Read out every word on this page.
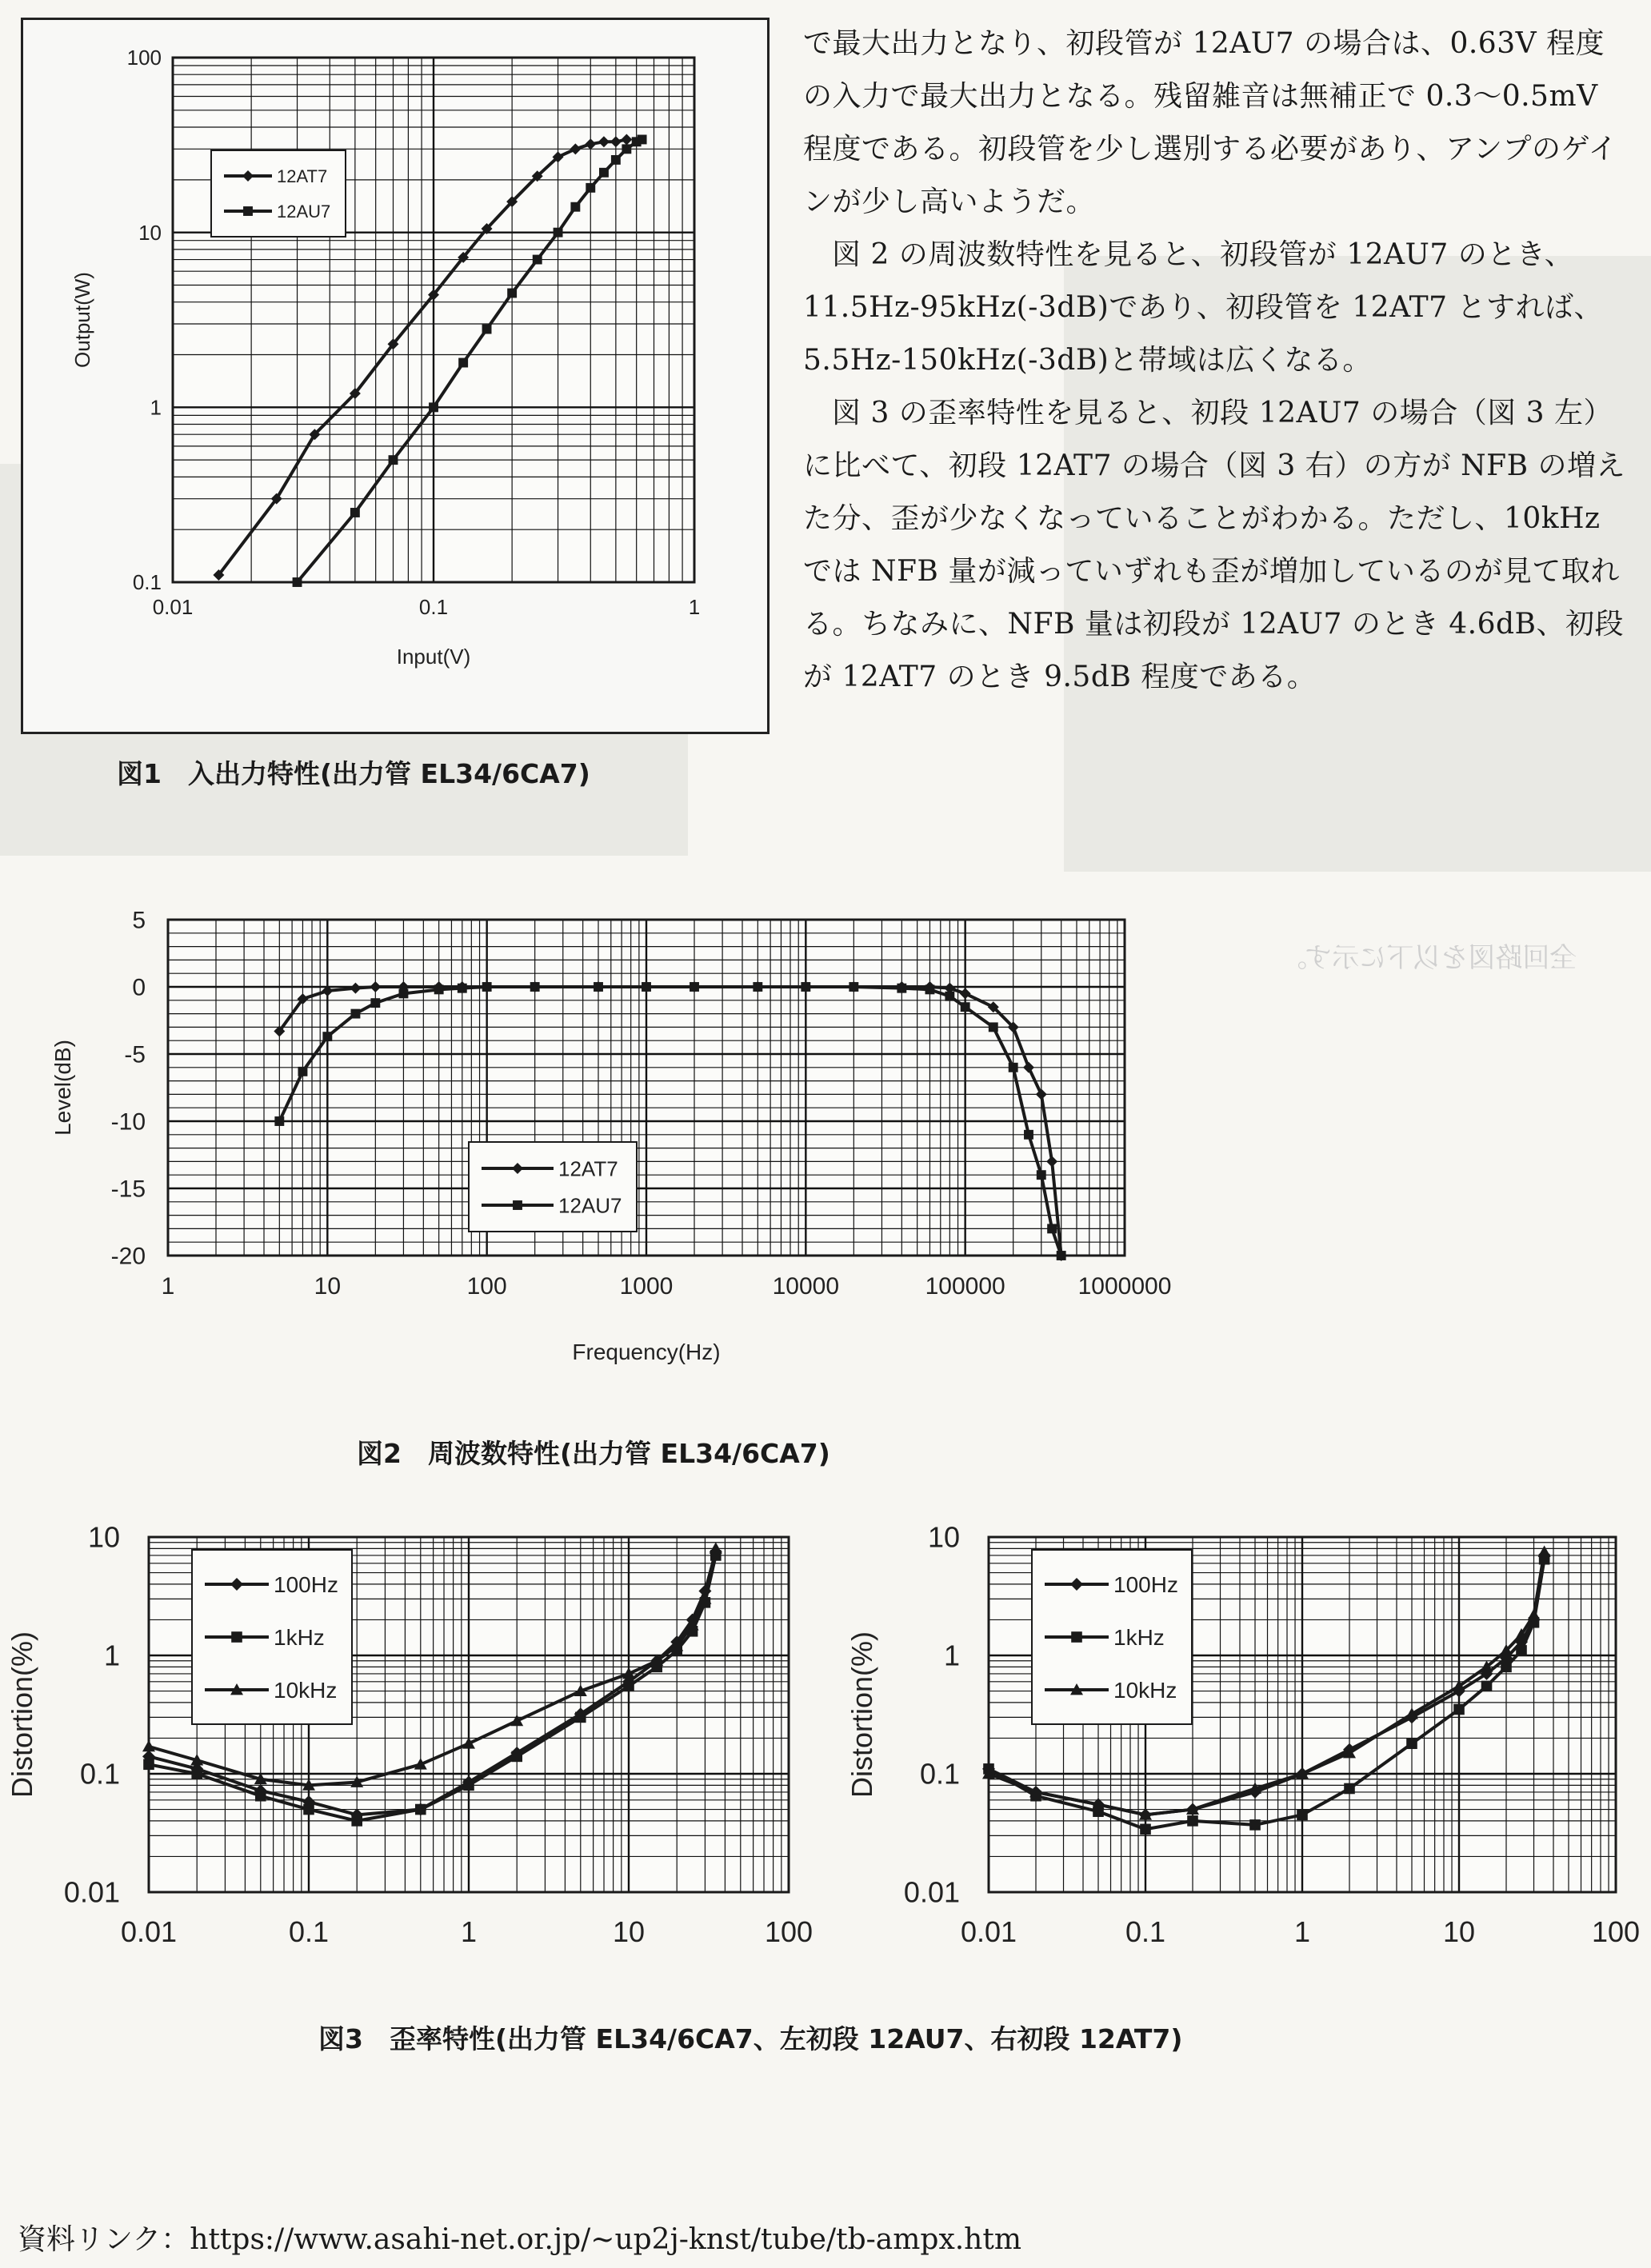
全回路図を以下に示す。
0.01	0.1	1
0.1
1
10
100
Input(V)
Output(W)
12AT7
12AU7
図1　入出力特性(出力管 EL34/6CA7)

で最大出力となり、初段管が 12AU7 の場合は、0.63V 程度の入力で最大出力となる。残留雑音は無補正で 0.3〜0.5mV 程度である。初段管を少し選別する必要があり、アンプのゲインが少し高いようだ。

図 2 の周波数特性を見ると、初段管が 12AU7 のとき、11.5Hz-95kHz(-3dB)であり、初段管を 12AT7 とすれば、5.5Hz-150kHz(-3dB)と帯域は広くなる。

図 3 の歪率特性を見ると、初段 12AU7 の場合（図 3 左）に比べて、初段 12AT7 の場合（図 3 右）の方が NFB の増えた分、歪が少なくなっていることがわかる。ただし、10kHz では NFB 量が減っていずれも歪が増加しているのが見て取れる。ちなみに、NFB 量は初段が 12AU7 のとき 4.6dB、初段が 12AT7 のとき 9.5dB 程度である。

1	10	100	1000	10000	100000	1000000
5
0
-5
-10
-15
-20
Frequency(Hz)
Level(dB)
12AT7
12AU7
図2　周波数特性(出力管 EL34/6CA7)
0.01	0.1	1	10	100
10
1
0.1
0.01
Distortion(%)
100Hz
1kHz
10kHz
0.01	0.1	1	10	100
10
1
0.1
0.01
Distortion(%)
100Hz
1kHz
10kHz
図3　歪率特性(出力管 EL34/6CA7、左初段 12AU7、右初段 12AT7)
資料リンク：https://www.asahi-net.or.jp/~up2j-knst/tube/tb-ampx.htm
